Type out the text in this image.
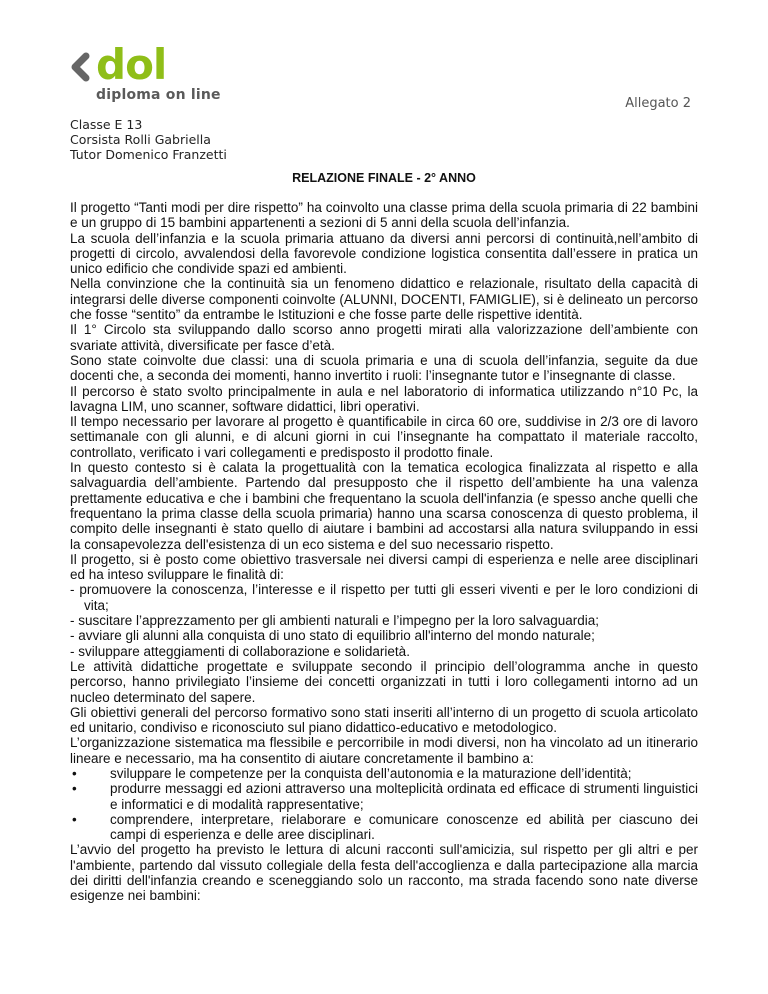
dol
diploma on line
Allegato 2
Classe E 13
Corsista Rolli Gabriella
Tutor Domenico Franzetti
RELAZIONE FINALE - 2° ANNO

Il progetto “Tanti modi per dire rispetto” ha coinvolto una classe prima della scuola primaria di 22 bambini e un gruppo di 15 bambini appartenenti a sezioni di 5 anni della scuola dell’infanzia.

La scuola dell’infanzia e la scuola primaria attuano da diversi anni percorsi di continuità,nell’ambito di progetti di circolo, avvalendosi della favorevole condizione logistica consentita dall’essere in pratica un unico edificio che condivide spazi ed ambienti.

Nella convinzione che la continuità sia un fenomeno didattico e relazionale, risultato della capacità di integrarsi delle diverse componenti coinvolte (ALUNNI, DOCENTI, FAMIGLIE), si è delineato un percorso che fosse “sentito” da entrambe le Istituzioni e che fosse parte delle rispettive identità.

Il 1° Circolo sta sviluppando dallo scorso anno progetti mirati alla valorizzazione dell’ambiente con svariate attività, diversificate per fasce d’età.

Sono state coinvolte due classi: una di scuola primaria e una di scuola dell’infanzia, seguite da due docenti che, a seconda dei momenti, hanno invertito i ruoli: l’insegnante tutor e l’insegnante di classe.

Il percorso è stato svolto principalmente in aula e nel laboratorio di informatica utilizzando n°10 Pc, la lavagna LIM, uno scanner, software didattici, libri operativi.

Il tempo necessario per lavorare al progetto è quantificabile in circa 60 ore, suddivise in 2/3 ore di lavoro settimanale con gli alunni, e di alcuni giorni in cui l’insegnante ha compattato il materiale raccolto, controllato, verificato i vari collegamenti e predisposto il prodotto finale.

In questo contesto si è calata la progettualità con la tematica ecologica finalizzata al rispetto e alla salvaguardia dell’ambiente. Partendo dal presupposto che il rispetto dell’ambiente ha una valenza prettamente educativa e che i bambini che frequentano la scuola dell'infanzia (e spesso anche quelli che frequentano la prima classe della scuola primaria) hanno una scarsa conoscenza di questo problema, il compito delle insegnanti è stato quello di aiutare i bambini ad accostarsi alla natura sviluppando in essi la consapevolezza dell'esistenza di un eco sistema e del suo necessario rispetto.

Il progetto, si è posto come obiettivo trasversale nei diversi campi di esperienza e nelle aree disciplinari ed ha inteso sviluppare le finalità di:

- promuovere la conoscenza, l’interesse e il rispetto per tutti gli esseri viventi e per le loro condizioni di vita;

- suscitare l’apprezzamento per gli ambienti naturali e l’impegno per la loro salvaguardia;

- avviare gli alunni alla conquista di uno stato di equilibrio all'interno del mondo naturale;

- sviluppare atteggiamenti di collaborazione e solidarietà.

Le attività didattiche progettate e sviluppate secondo il principio dell’ologramma anche in questo percorso, hanno privilegiato l’insieme dei concetti organizzati in tutti i loro collegamenti intorno ad un nucleo determinato del sapere.

Gli obiettivi generali del percorso formativo sono stati inseriti all’interno di un progetto di scuola articolato ed unitario, condiviso e riconosciuto sul piano didattico-educativo e metodologico.

L’organizzazione sistematica ma flessibile e percorribile in modi diversi, non ha vincolato ad un itinerario lineare e necessario, ma ha consentito di aiutare concretamente il bambino a:

• sviluppare le competenze per la conquista dell’autonomia e la maturazione dell’identità;
• produrre messaggi ed azioni attraverso una molteplicità ordinata ed efficace di strumenti linguistici e informatici e di modalità rappresentative;
• comprendere, interpretare, rielaborare e comunicare conoscenze ed abilità per ciascuno dei campi di esperienza e delle aree disciplinari.

L’avvio del progetto ha previsto le lettura di alcuni racconti sull'amicizia, sul rispetto per gli altri e per l'ambiente, partendo dal vissuto collegiale della festa dell'accoglienza e dalla partecipazione alla marcia dei diritti dell'infanzia creando e sceneggiando solo un racconto, ma strada facendo sono nate diverse esigenze nei bambini:
